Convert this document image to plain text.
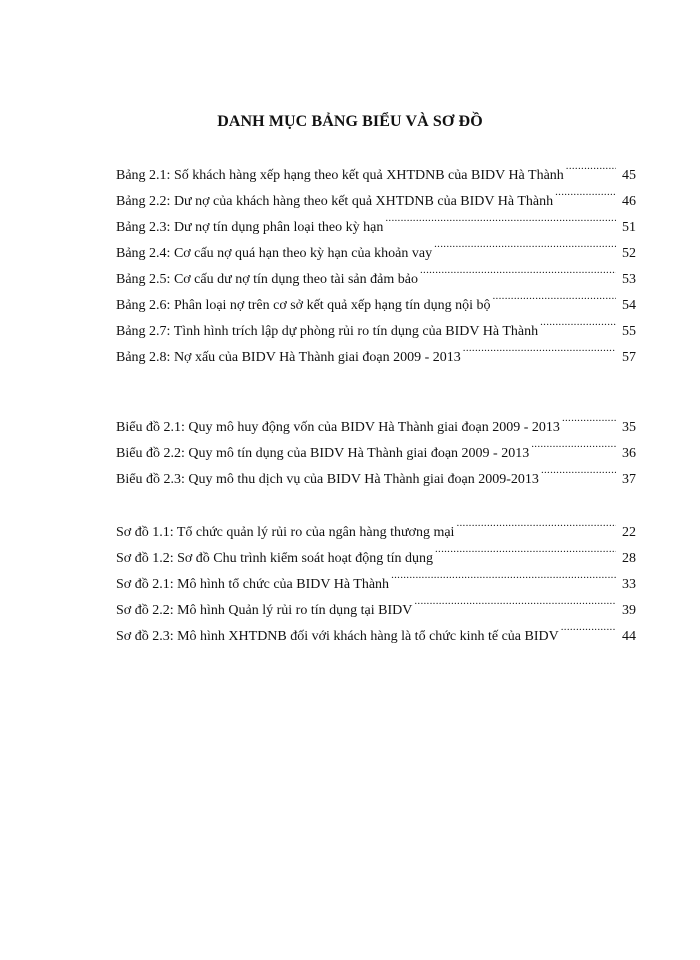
DANH MỤC BẢNG BIỂU VÀ SƠ ĐỒ
Bảng 2.1: Số khách hàng xếp hạng theo kết quả XHTDNB của BIDV Hà Thành .....	45
Bảng 2.2: Dư nợ của khách hàng theo kết quả XHTDNB của BIDV Hà Thành .....	46
Bảng 2.3: Dư nợ tín dụng phân loại theo kỳ hạn .....	51
Bảng 2.4: Cơ cấu nợ quá hạn theo kỳ hạn của khoản vay .....	52
Bảng 2.5: Cơ cấu dư nợ tín dụng theo tài sản đảm bảo .....	53
Bảng 2.6: Phân loại nợ trên cơ sở kết quả xếp hạng tín dụng nội bộ .....	54
Bảng 2.7: Tình hình trích lập dự phòng rủi ro tín dụng của BIDV Hà Thành .....	55
Bảng 2.8: Nợ xấu của BIDV Hà Thành giai đoạn 2009 - 2013 .....	57
Biểu đồ 2.1: Quy mô huy động vốn của BIDV Hà Thành giai đoạn 2009 - 2013 .....	35
Biểu đồ 2.2: Quy mô tín dụng của BIDV Hà Thành giai đoạn 2009 - 2013 .....	36
Biểu đồ 2.3: Quy mô thu dịch vụ của BIDV Hà Thành giai đoạn 2009-2013 .....	37
Sơ đồ 1.1: Tổ chức quản lý rủi ro của ngân hàng thương mại .....	22
Sơ đồ 1.2: Sơ đồ Chu trình kiểm soát hoạt động tín dụng .....	28
Sơ đồ 2.1: Mô hình tổ chức của BIDV Hà Thành .....	33
Sơ đồ 2.2: Mô hình Quản lý rủi ro tín dụng tại BIDV .....	39
Sơ đồ 2.3: Mô hình XHTDNB đối với khách hàng là tổ chức kinh tế của BIDV .....	44
